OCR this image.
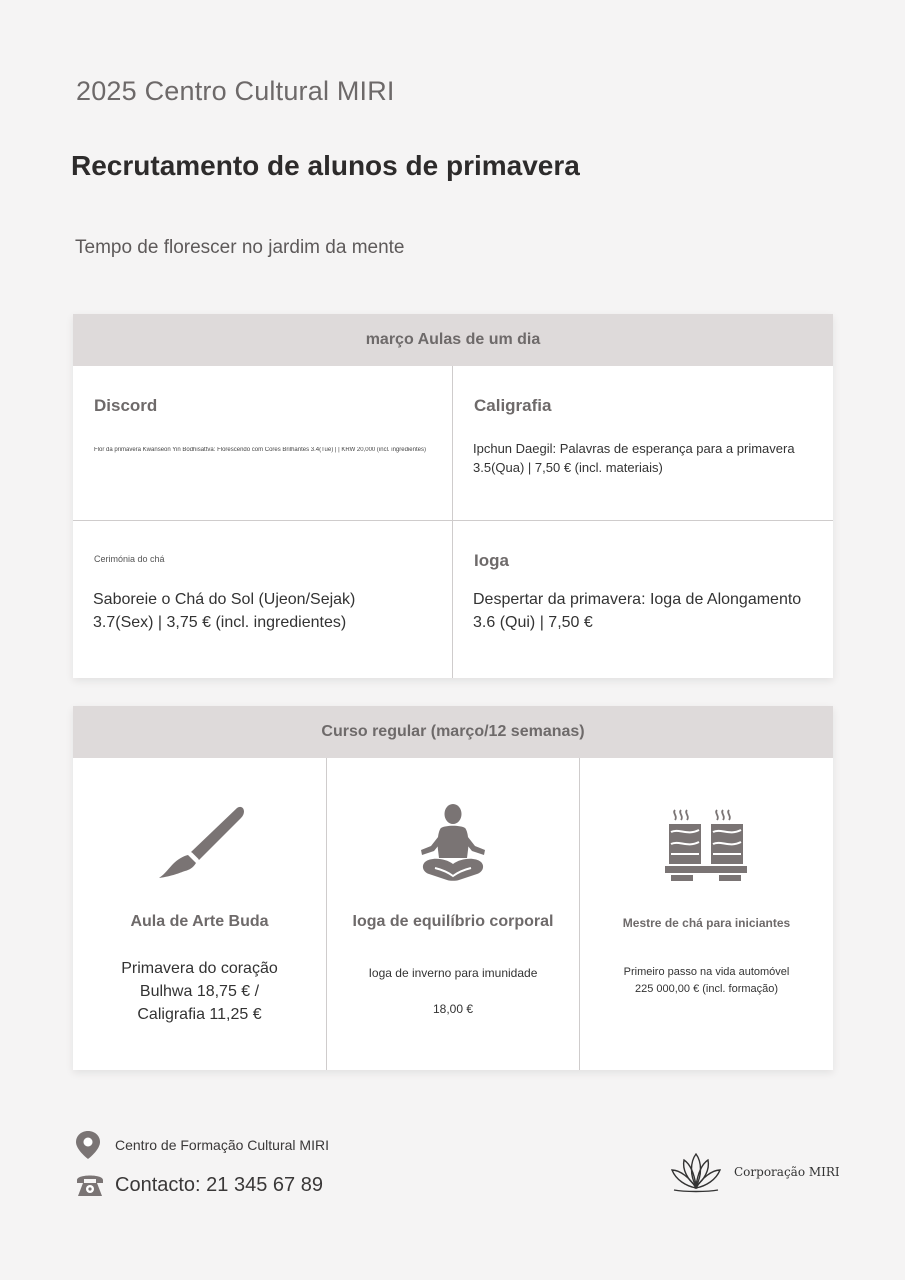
2025 Centro Cultural MIRI
Recrutamento de alunos de primavera
Tempo de florescer no jardim da mente
março Aulas de um dia
Discord
Flor da primavera Kwanseon Yin Bodhisattva: Florescendo com Cores Brilhantes 3.4(Tue) | | KRW 20,000 (incl. ingredientes)
Caligrafia
Ipchun Daegil: Palavras de esperança para a primavera
3.5(Qua) | 7,50 € (incl. materiais)
Cerimónia do chá
Saboreie o Chá do Sol (Ujeon/Sejak)
3.7(Sex) | 3,75 € (incl. ingredientes)
Ioga
Despertar da primavera: Ioga de Alongamento
3.6 (Qui) | 7,50 €
Curso regular (março/12 semanas)
Aula de Arte Buda
Primavera do coração
Bulhwa 18,75 € /
Caligrafia 11,25 €
Ioga de equilíbrio corporal
Ioga de inverno para imunidade
18,00 €
Mestre de chá para iniciantes
Primeiro passo na vida automóvel
225 000,00 € (incl. formação)
Centro de Formação Cultural MIRI
Contacto: 21 345 67 89
Corporação MIRI
